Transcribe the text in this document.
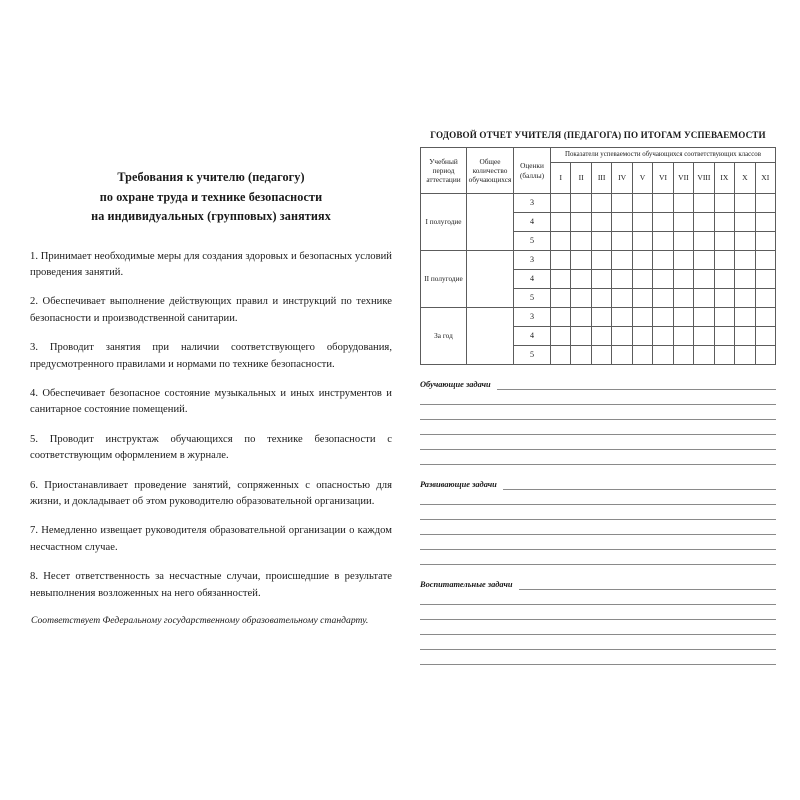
Требования к учителю (педагогу)
по охране труда и технике безопасности
на индивидуальных (групповых) занятиях

1. Принимает необходимые меры для создания здоровых и безопасных условий проведения занятий.

2. Обеспечивает выполнение действующих правил и инструкций по технике безопасности и производственной санитарии.

3. Проводит занятия при наличии соответствующего оборудования, предусмотренного правилами и нормами по технике безопасности.

4. Обеспечивает безопасное состояние музыкальных и иных инструментов и санитарное состояние помещений.

5. Проводит инструктаж обучающихся по технике безопасности с соответствующим оформлением в журнале.

6. Приостанавливает проведение занятий, сопряженных с опасностью для жизни, и докладывает об этом руководителю образовательной организации.

7. Немедленно извещает руководителя образовательной организации о каждом несчастном случае.

8. Несет ответственность за несчастные случаи, происшедшие в результате невыполнения возложенных на него обязанностей.

Соответствует Федеральному государственному образовательному стандарту.
ГОДОВОЙ ОТЧЕТ УЧИТЕЛЯ (ПЕДАГОГА) ПО ИТОГАМ УСПЕВАЕМОСТИ
Учебный период аттестации	Общее количество обучающихся	Оценки (баллы)	Показатели успеваемости обучающихся соответствующих классов										
			I	II	III	IV	V	VI	VII	VIII	IX	X	XI
I полугодие		3											
		4											
		5											
II полугодие		3											
		4											
		5											
За год		3											
		4											
		5											
Обучающие задачи
Развивающие задачи
Воспитательные задачи
